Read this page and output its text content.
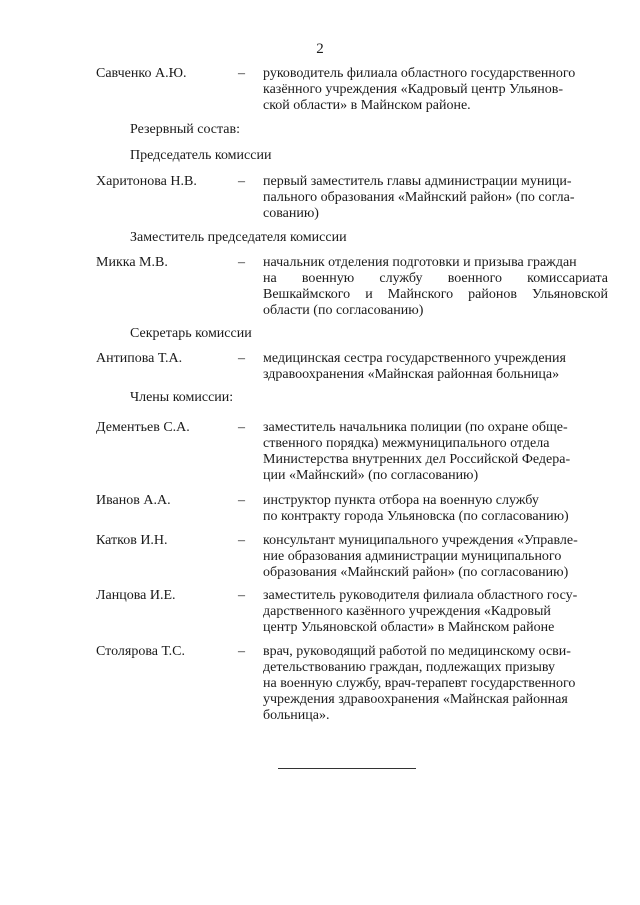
2
Савченко А.Ю.	– руководитель филиала областного государственного
казённого учреждения «Кадровый центр Ульянов-
ской области» в Майнском районе.
Резервный состав:
Председатель комиссии
Харитонова Н.В.	– первый заместитель главы администрации муници-
пального образования «Майнский район» (по согла-
сованию)
Заместитель председателя комиссии
Микка М.В.	– начальник отделения подготовки и призыва граждан
на военную службу военного комиссариата Вешкаймского и Майнского районов Ульяновской области (по согласованию)
Секретарь комиссии
Антипова Т.А.	– медицинская сестра государственного учреждения
здравоохранения «Майнская районная больница»
Члены комиссии:
Дементьев С.А.	– заместитель начальника полиции (по охране обще-
ственного порядка) межмуниципального отдела
Министерства внутренних дел Российской Федера-
ции «Майнский» (по согласованию)
Иванов А.А.	– инструктор пункта отбора на военную службу
по контракту города Ульяновска (по согласованию)
Катков И.Н.	– консультант муниципального учреждения «Управле-
ние образования администрации муниципального
образования «Майнский район» (по согласованию)
Ланцова И.Е.	– заместитель руководителя филиала областного госу-
дарственного казённого учреждения «Кадровый
центр Ульяновской области» в Майнском районе
Столярова Т.С.	– врач, руководящий работой по медицинскому осви-
детельствованию граждан, подлежащих призыву
на военную службу, врач-терапевт государственного
учреждения здравоохранения «Майнская районная
больница».
